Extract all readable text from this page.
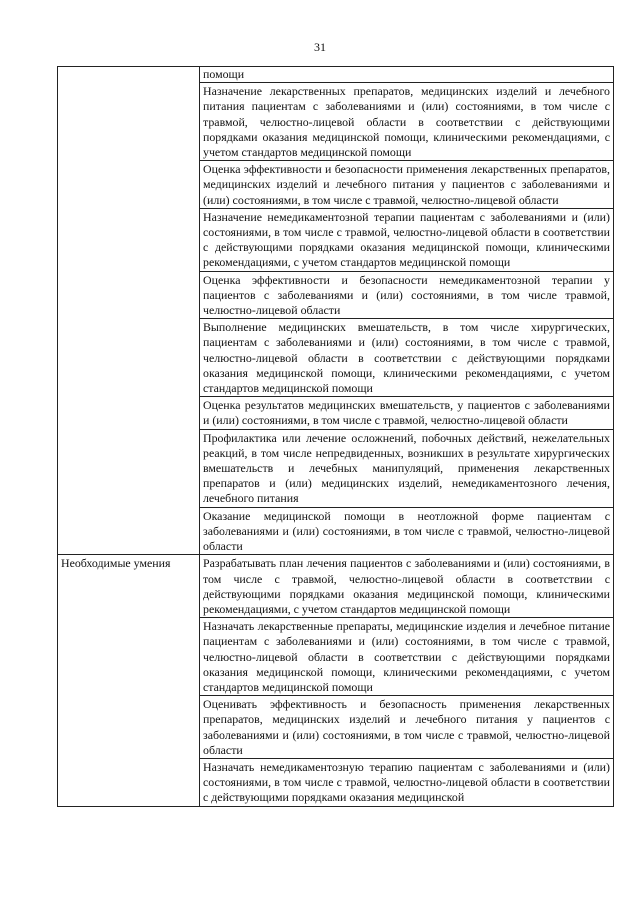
31
	помощи
	Назначение лекарственных препаратов, медицинских изделий и лечебного питания пациентам с заболеваниями и (или) состояниями, в том числе с травмой, челюстно-лицевой области в соответствии с действующими порядками оказания медицинской помощи, клиническими рекомендациями, с учетом стандартов медицинской помощи
	Оценка эффективности и безопасности применения лекарственных препаратов, медицинских изделий и лечебного питания у пациентов с заболеваниями и (или) состояниями, в том числе с травмой, челюстно-лицевой области
	Назначение немедикаментозной терапии пациентам с заболеваниями и (или) состояниями, в том числе с травмой, челюстно-лицевой области в соответствии с действующими порядками оказания медицинской помощи, клиническими рекомендациями, с учетом стандартов медицинской помощи
	Оценка эффективности и безопасности немедикаментозной терапии у пациентов с заболеваниями и (или) состояниями, в том числе травмой, челюстно-лицевой области
	Выполнение медицинских вмешательств, в том числе хирургических, пациентам с заболеваниями и (или) состояниями, в том числе с травмой, челюстно-лицевой области в соответствии с действующими порядками оказания медицинской помощи, клиническими рекомендациями, с учетом стандартов медицинской помощи
	Оценка результатов медицинских вмешательств, у пациентов с заболеваниями и (или) состояниями, в том числе с травмой, челюстно-лицевой области
	Профилактика или лечение осложнений, побочных действий, нежелательных реакций, в том числе непредвиденных, возникших в результате хирургических вмешательств и лечебных манипуляций, применения лекарственных препаратов и (или) медицинских изделий, немедикаментозного лечения, лечебного питания
	Оказание медицинской помощи в неотложной форме пациентам с заболеваниями и (или) состояниями, в том числе с травмой, челюстно-лицевой области
Необходимые умения	Разрабатывать план лечения пациентов с заболеваниями и (или) состояниями, в том числе с травмой, челюстно-лицевой области в соответствии с действующими порядками оказания медицинской помощи, клиническими рекомендациями, с учетом стандартов медицинской помощи
	Назначать лекарственные препараты, медицинские изделия и лечебное питание пациентам с заболеваниями и (или) состояниями, в том числе с травмой, челюстно-лицевой области в соответствии с действующими порядками оказания медицинской помощи, клиническими рекомендациями, с учетом стандартов медицинской помощи
	Оценивать эффективность и безопасность применения лекарственных препаратов, медицинских изделий и лечебного питания у пациентов с заболеваниями и (или) состояниями, в том числе с травмой, челюстно-лицевой области
	Назначать немедикаментозную терапию пациентам с заболеваниями и (или) состояниями, в том числе с травмой, челюстно-лицевой области в соответствии с действующими порядками оказания медицинской
